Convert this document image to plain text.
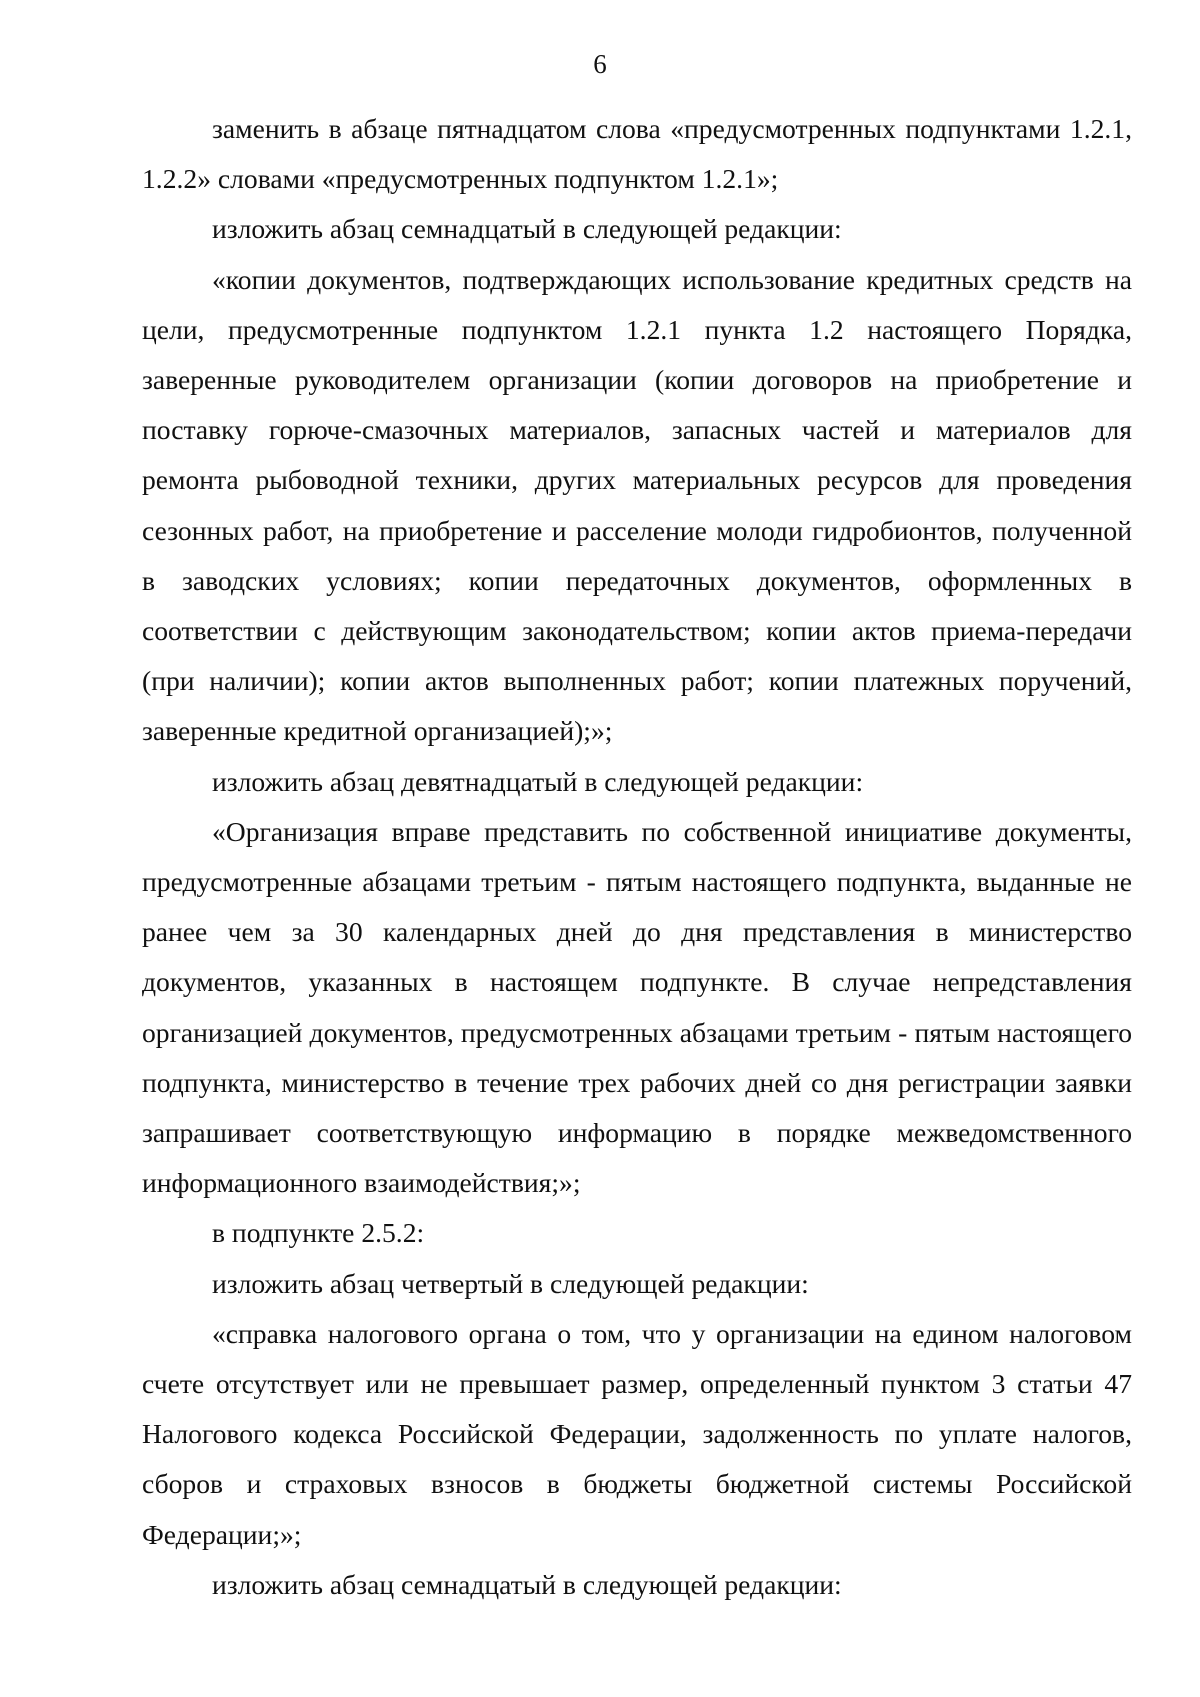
6

заменить в абзаце пятнадцатом слова «предусмотренных подпунктами 1.2.1, 1.2.2» словами «предусмотренных подпунктом 1.2.1»;

изложить абзац семнадцатый в следующей редакции:

«копии документов, подтверждающих использование кредитных средств на цели, предусмотренные подпунктом 1.2.1 пункта 1.2 настоящего Порядка, заверенные руководителем организации (копии договоров на приобретение и поставку горюче-смазочных материалов, запасных частей и материалов для ремонта рыбоводной техники, других материальных ресурсов для проведения сезонных работ, на приобретение и расселение молоди гидробионтов, полученной в заводских условиях; копии передаточных документов, оформленных в соответствии с действующим законодательством; копии актов приема-передачи (при наличии); копии актов выполненных работ; копии платежных поручений, заверенные кредитной организацией);»;

изложить абзац девятнадцатый в следующей редакции:

«Организация вправе представить по собственной инициативе документы, предусмотренные абзацами третьим - пятым настоящего подпункта, выданные не ранее чем за 30 календарных дней до дня представления в министерство документов, указанных в настоящем подпункте. В случае непредставления организацией документов, предусмотренных абзацами третьим - пятым настоящего подпункта, министерство в течение трех рабочих дней со дня регистрации заявки запрашивает соответствующую информацию в порядке межведомственного информационного взаимодействия;»;

в подпункте 2.5.2:

изложить абзац четвертый в следующей редакции:

«справка налогового органа о том, что у организации на едином налоговом счете отсутствует или не превышает размер, определенный пунктом 3 статьи 47 Налогового кодекса Российской Федерации, задолженность по уплате налогов, сборов и страховых взносов в бюджеты бюджетной системы Российской Федерации;»;

изложить абзац семнадцатый в следующей редакции:
